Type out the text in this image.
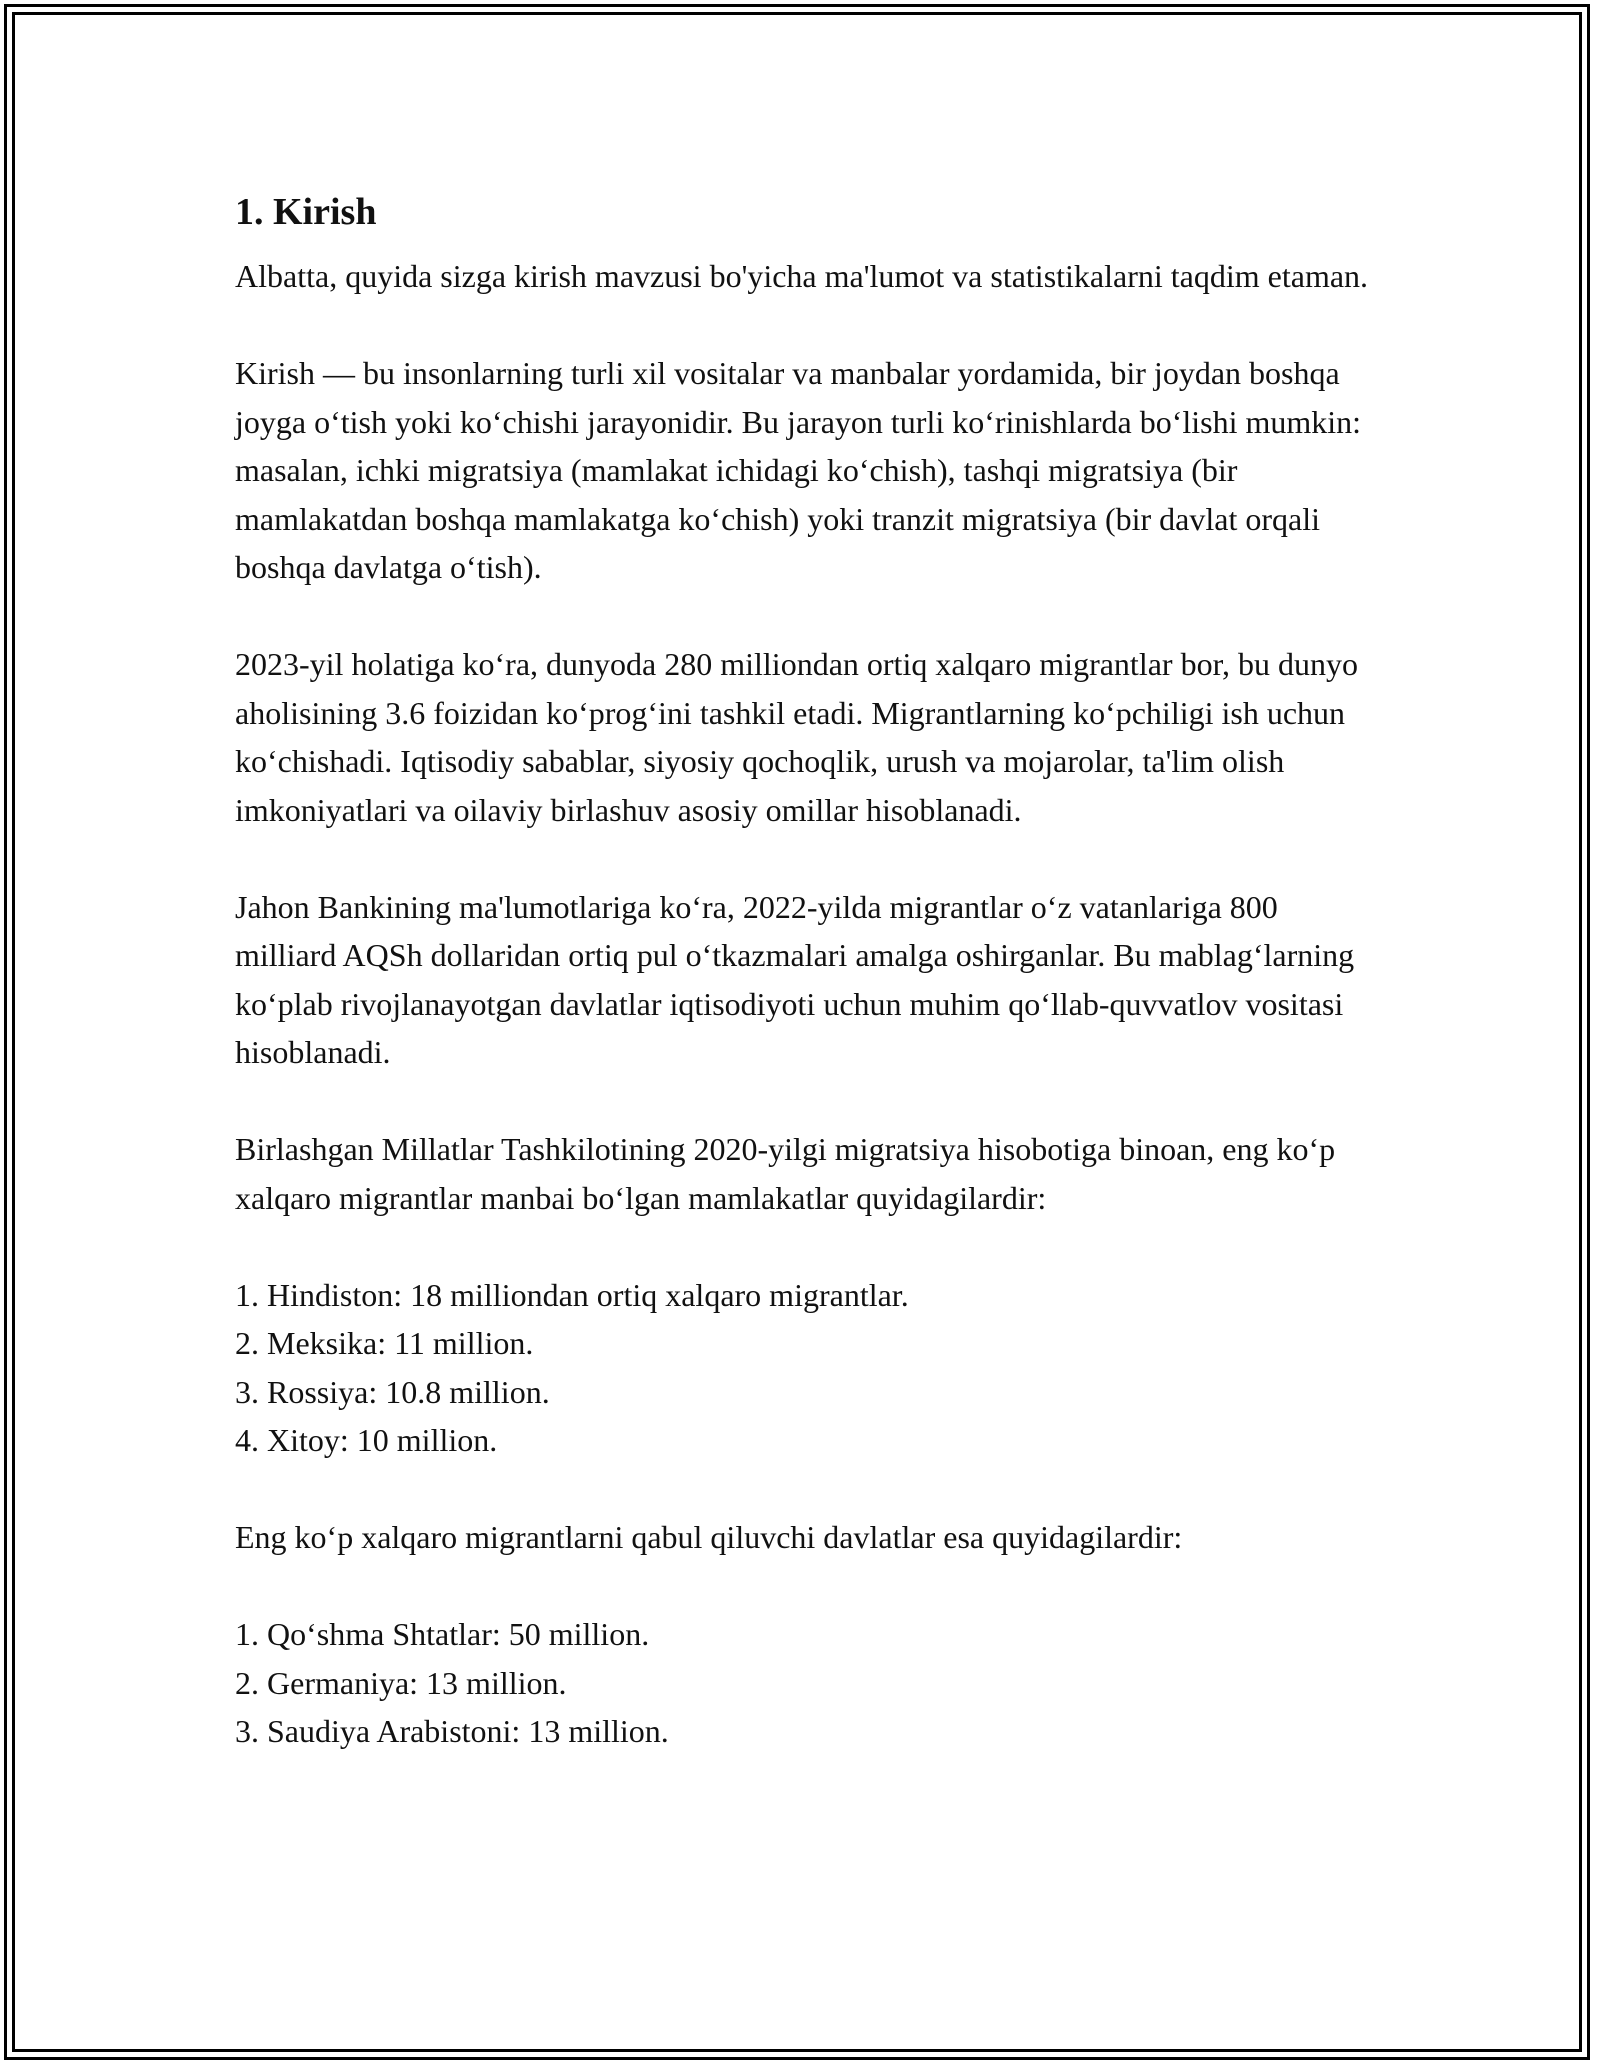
1. Kirish

Albatta, quyida sizga kirish mavzusi bo'yicha ma'lumot va statistikalarni taqdim etaman.

Kirish — bu insonlarning turli xil vositalar va manbalar yordamida, bir joydan boshqa joyga o‘tish yoki ko‘chishi jarayonidir. Bu jarayon turli ko‘rinishlarda bo‘lishi mumkin: masalan, ichki migratsiya (mamlakat ichidagi ko‘chish), tashqi migratsiya (bir mamlakatdan boshqa mamlakatga ko‘chish) yoki tranzit migratsiya (bir davlat orqali boshqa davlatga o‘tish).

2023-yil holatiga ko‘ra, dunyoda 280 milliondan ortiq xalqaro migrantlar bor, bu dunyo aholisining 3.6 foizidan ko‘prog‘ini tashkil etadi. Migrantlarning ko‘pchiligi ish uchun ko‘chishadi. Iqtisodiy sabablar, siyosiy qochoqlik, urush va mojarolar, ta'lim olish imkoniyatlari va oilaviy birlashuv asosiy omillar hisoblanadi.

Jahon Bankining ma'lumotlariga ko‘ra, 2022-yilda migrantlar o‘z vatanlariga 800 milliard AQSh dollaridan ortiq pul o‘tkazmalari amalga oshirganlar. Bu mablag‘larning ko‘plab rivojlanayotgan davlatlar iqtisodiyoti uchun muhim qo‘llab-quvvatlov vositasi hisoblanadi.

Birlashgan Millatlar Tashkilotining 2020-yilgi migratsiya hisobotiga binoan, eng ko‘p xalqaro migrantlar manbai bo‘lgan mamlakatlar quyidagilardir:

1. Hindiston: 18 milliondan ortiq xalqaro migrantlar.
2. Meksika: 11 million.
3. Rossiya: 10.8 million.
4. Xitoy: 10 million.

Eng ko‘p xalqaro migrantlarni qabul qiluvchi davlatlar esa quyidagilardir:

1. Qo‘shma Shtatlar: 50 million.
2. Germaniya: 13 million.
3. Saudiya Arabistoni: 13 million.
